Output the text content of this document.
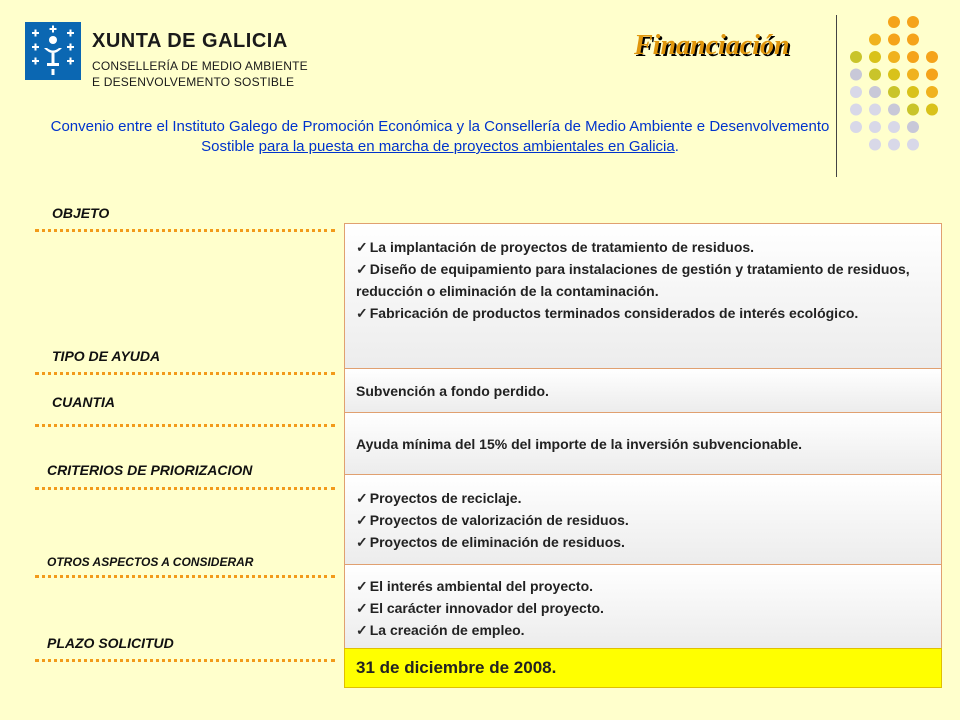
XUNTA DE GALICIA
CONSELLERÍA DE MEDIO AMBIENTE
E DESENVOLVEMENTO SOSTIBLE
Financiación
Convenio entre el Instituto Galego de Promoción Económica y la Consellería de Medio Ambiente e Desenvolvemento Sostible para la puesta en marcha de proyectos ambientales en Galicia.
OBJETO
TIPO DE AYUDA
CUANTIA
CRITERIOS DE PRIORIZACION
OTROS ASPECTOS A CONSIDERAR
PLAZO SOLICITUD
✓ La implantación de proyectos de tratamiento de residuos.
✓ Diseño de equipamiento para instalaciones de gestión y tratamiento de residuos, reducción o eliminación de la contaminación.
✓ Fabricación de productos terminados considerados de interés ecológico.
Subvención a fondo perdido.
Ayuda mínima del 15% del importe de la inversión subvencionable.
✓ Proyectos de reciclaje.
✓ Proyectos de valorización de residuos.
✓ Proyectos de eliminación de residuos.
✓ El interés ambiental del proyecto.
✓ El carácter innovador del proyecto.
✓ La creación de empleo.
31 de diciembre de 2008.
